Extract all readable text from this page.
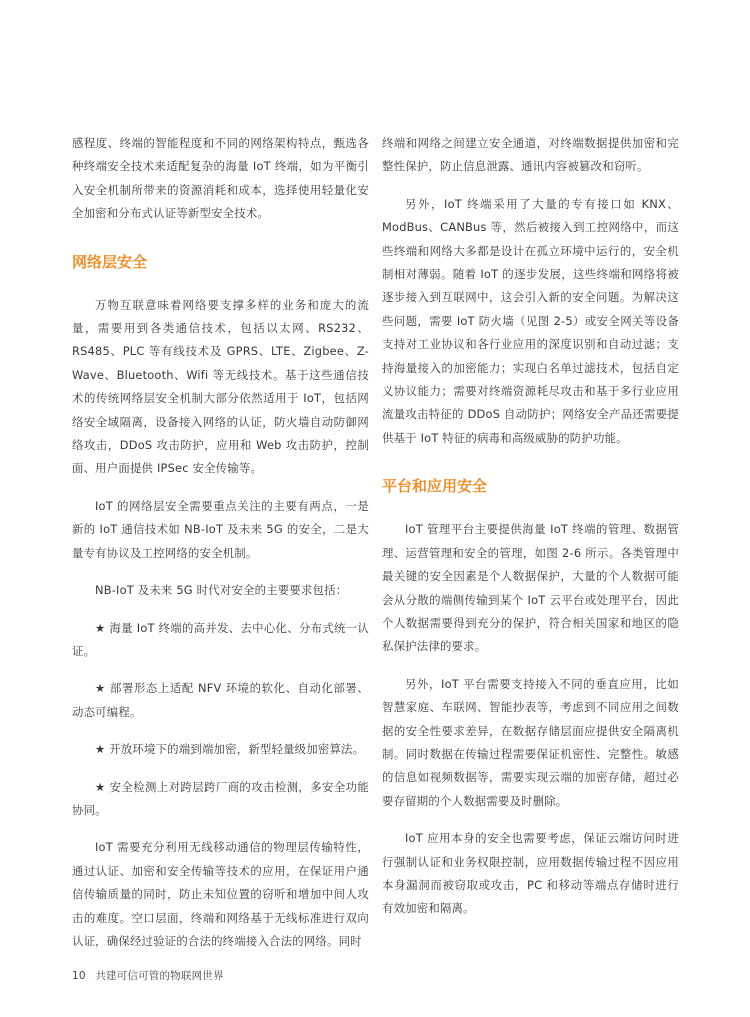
感程度、终端的智能程度和不同的网络架构特点，甄选各种终端安全技术来适配复杂的海量 IoT 终端，如为平衡引入安全机制所带来的资源消耗和成本，选择使用轻量化安全加密和分布式认证等新型安全技术。

网络层安全

万物互联意味着网络要支撑多样的业务和庞大的流量，需要用到各类通信技术，包括以太网、RS232、RS485、PLC 等有线技术及 GPRS、LTE、Zigbee、Z-Wave、Bluetooth、Wifi 等无线技术。基于这些通信技术的传统网络层安全机制大部分依然适用于 IoT，包括网络安全域隔离，设备接入网络的认证，防火墙自动防御网络攻击，DDoS 攻击防护，应用和 Web 攻击防护，控制面、用户面提供 IPSec 安全传输等。

IoT 的网络层安全需要重点关注的主要有两点，一是新的 IoT 通信技术如 NB-IoT 及未来 5G 的安全，二是大量专有协议及工控网络的安全机制。

NB-IoT 及未来 5G 时代对安全的主要要求包括：

★ 海量 IoT 终端的高并发、去中心化、分布式统一认证。

★ 部署形态上适配 NFV 环境的软化、自动化部署、动态可编程。

★ 开放环境下的端到端加密，新型轻量级加密算法。

★ 安全检测上对跨层跨厂商的攻击检测，多安全功能协同。

IoT 需要充分利用无线移动通信的物理层传输特性，通过认证、加密和安全传输等技术的应用，在保证用户通信传输质量的同时，防止未知位置的窃听和增加中间人攻击的难度。空口层面，终端和网络基于无线标准进行双向认证，确保经过验证的合法的终端接入合法的网络。同时

终端和网络之间建立安全通道，对终端数据提供加密和完整性保护，防止信息泄露、通讯内容被篡改和窃听。

另外，IoT 终端采用了大量的专有接口如 KNX、ModBus、CANBus 等，然后被接入到工控网络中，而这些终端和网络大多都是设计在孤立环境中运行的，安全机制相对薄弱。随着 IoT 的逐步发展，这些终端和网络将被逐步接入到互联网中，这会引入新的安全问题。为解决这些问题，需要 IoT 防火墙（见图 2-5）或安全网关等设备支持对工业协议和各行业应用的深度识别和自动过滤；支持海量接入的加密能力；实现白名单过滤技术，包括自定义协议能力；需要对终端资源耗尽攻击和基于多行业应用流量攻击特征的 DDoS 自动防护；网络安全产品还需要提供基于 IoT 特征的病毒和高级威胁的防护功能。

平台和应用安全

IoT 管理平台主要提供海量 IoT 终端的管理、数据管理、运营管理和安全的管理，如图 2-6 所示。各类管理中最关键的安全因素是个人数据保护，大量的个人数据可能会从分散的端侧传输到某个 IoT 云平台或处理平台，因此个人数据需要得到充分的保护，符合相关国家和地区的隐私保护法律的要求。

另外，IoT 平台需要支持接入不同的垂直应用，比如智慧家庭、车联网、智能抄表等，考虑到不同应用之间数据的安全性要求差异，在数据存储层面应提供安全隔离机制。同时数据在传输过程需要保证机密性、完整性。敏感的信息如视频数据等，需要实现云端的加密存储，超过必要存留期的个人数据需要及时删除。

IoT 应用本身的安全也需要考虑，保证云端访问时进行强制认证和业务权限控制，应用数据传输过程不因应用本身漏洞而被窃取或攻击，PC 和移动等端点存储时进行有效加密和隔离。

10 共建可信可管的物联网世界
